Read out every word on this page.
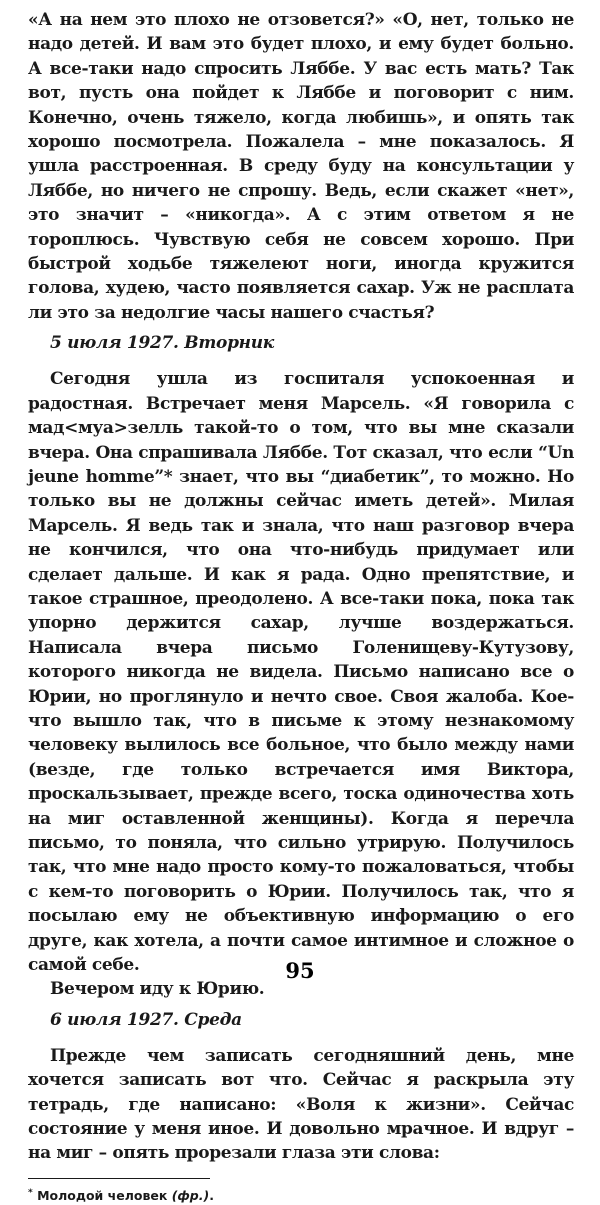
«А на нем это плохо не отзовется?» «О, нет, только не надо детей. И вам это будет плохо, и ему будет больно. А все-таки надо спросить Ляббе. У вас есть мать? Так вот, пусть она пойдет к Ляббе и поговорит с ним. Конечно, очень тяжело, когда любишь», и опять так хорошо посмотрела. Пожалела – мне показалось. Я ушла расстроенная. В среду буду на консультации у Ляббе, но ничего не спрошу. Ведь, если скажет «нет», это значит – «никогда». А с этим ответом я не тороплюсь. Чувствую себя не совсем хорошо. При быстрой ходьбе тяжелеют ноги, иногда кружится голова, худею, часто появляется сахар. Уж не расплата ли это за недолгие часы нашего счастья?

5 июля 1927. Вторник

Сегодня ушла из госпиталя успокоенная и радостная. Встречает меня Марсель. «Я говорила с мад<муа>зелль такой-то о том, что вы мне сказали вчера. Она спрашивала Ляббе. Тот сказал, что если “Un jeune homme”* знает, что вы “диабетик”, то можно. Но только вы не должны сейчас иметь детей». Милая Марсель. Я ведь так и знала, что наш разговор вчера не кончился, что она что-нибудь придумает или сделает дальше. И как я рада. Одно препятствие, и такое страшное, преодолено. А все-таки пока, пока так упорно держится сахар, лучше воздержаться. Написала вчера письмо Голенищеву-Кутузову, которого никогда не видела. Письмо написано все о Юрии, но проглянуло и нечто свое. Своя жалоба. Кое-что вышло так, что в письме к этому незнакомому человеку вылилось все больное, что было между нами (везде, где только встречается имя Виктора, проскальзывает, прежде всего, тоска одиночества хоть на миг оставленной женщины). Когда я перечла письмо, то поняла, что сильно утрирую. Получилось так, что мне надо просто кому-то пожаловаться, чтобы с кем-то поговорить о Юрии. Получилось так, что я посылаю ему не объективную информацию о его друге, как хотела, а почти самое интимное и сложное о самой себе.

Вечером иду к Юрию.

6 июля 1927. Среда

Прежде чем записать сегодняшний день, мне хочется записать вот что. Сейчас я раскрыла эту тетрадь, где написано: «Воля к жизни». Сейчас состояние у меня иное. И довольно мрачное. И вдруг – на миг – опять прорезали глаза эти слова:

* Молодой человек (фр.).

95
